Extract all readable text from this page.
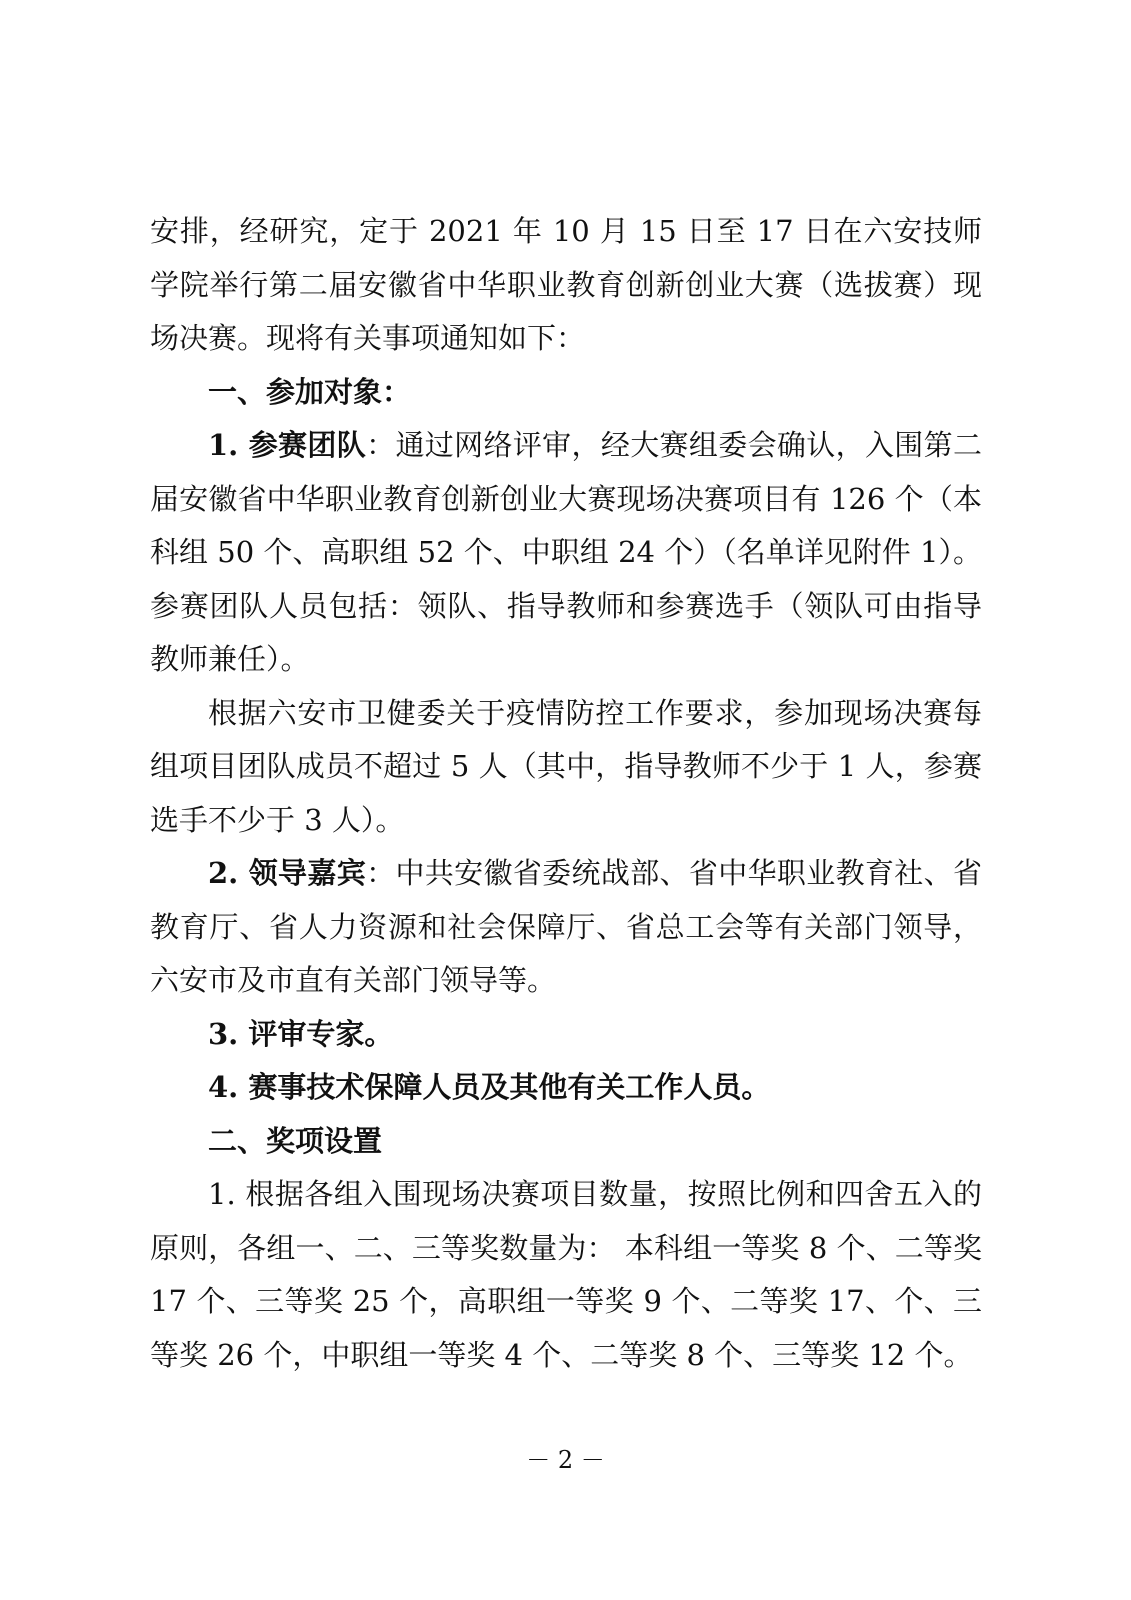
安排，经研究，定于 2021 年 10 月 15 日至 17 日在六安技师学院举行第二届安徽省中华职业教育创新创业大赛（选拔赛）现场决赛。现将有关事项通知如下：

一、参加对象：

1. 参赛团队：通过网络评审，经大赛组委会确认，入围第二届安徽省中华职业教育创新创业大赛现场决赛项目有 126 个（本科组 50 个、高职组 52 个、中职组 24 个）（名单详见附件 1）。参赛团队人员包括：领队、指导教师和参赛选手（领队可由指导教师兼任）。

根据六安市卫健委关于疫情防控工作要求，参加现场决赛每组项目团队成员不超过 5 人（其中，指导教师不少于 1 人，参赛选手不少于 3 人）。

2. 领导嘉宾：中共安徽省委统战部、省中华职业教育社、省教育厅、省人力资源和社会保障厅、省总工会等有关部门领导，六安市及市直有关部门领导等。

3. 评审专家。

4. 赛事技术保障人员及其他有关工作人员。

二、奖项设置

1. 根据各组入围现场决赛项目数量，按照比例和四舍五入的原则，各组一、二、三等奖数量为： 本科组一等奖 8 个、二等奖 17 个、三等奖 25 个，高职组一等奖 9 个、二等奖 17、个、三等奖 26 个，中职组一等奖 4 个、二等奖 8 个、三等奖 12 个。

－ 2 －
